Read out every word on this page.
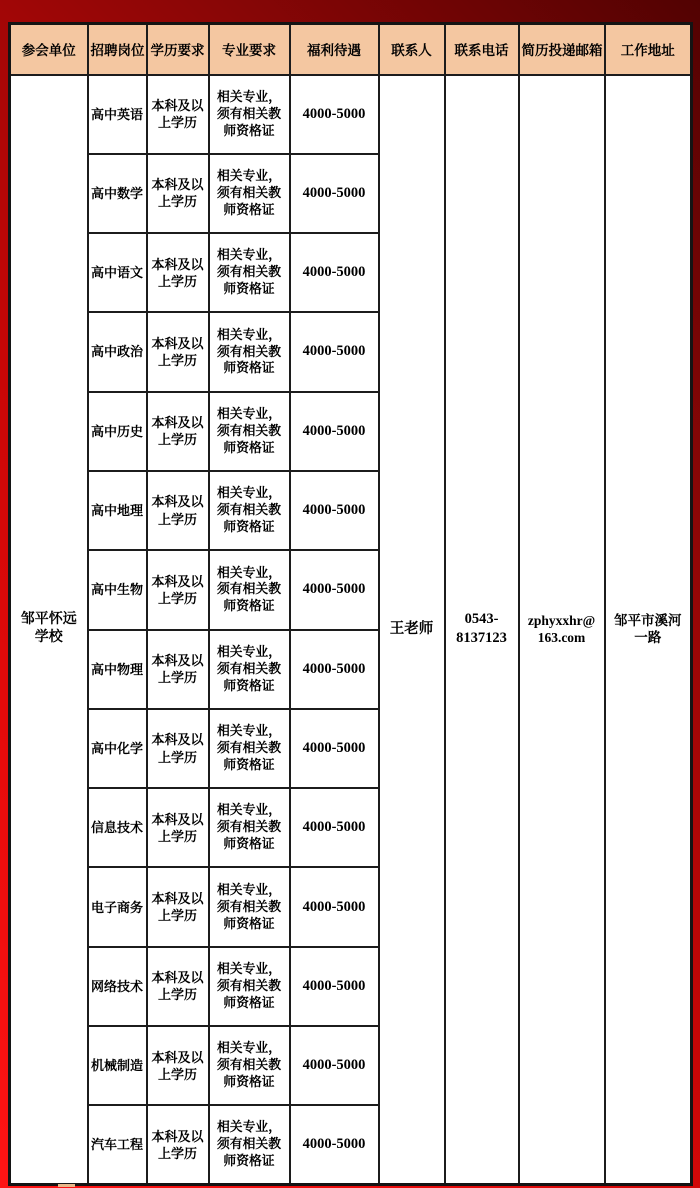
参会单位	招聘岗位	学历要求	专业要求	福利待遇	联系人	联系电话	简历投递邮箱	工作地址
邹平怀远学校	高中英语	本科及以上学历	相关专业，须有相关教师资格证	4000-5000	王老师	0543-8137123	zphyxxhr@​163.com	邹平市溪河一路
	高中数学	本科及以上学历	相关专业，须有相关教师资格证	4000-5000				
	高中语文	本科及以上学历	相关专业，须有相关教师资格证	4000-5000				
	高中政治	本科及以上学历	相关专业，须有相关教师资格证	4000-5000				
	高中历史	本科及以上学历	相关专业，须有相关教师资格证	4000-5000				
	高中地理	本科及以上学历	相关专业，须有相关教师资格证	4000-5000				
	高中生物	本科及以上学历	相关专业，须有相关教师资格证	4000-5000				
	高中物理	本科及以上学历	相关专业，须有相关教师资格证	4000-5000				
	高中化学	本科及以上学历	相关专业，须有相关教师资格证	4000-5000				
	信息技术	本科及以上学历	相关专业，须有相关教师资格证	4000-5000				
	电子商务	本科及以上学历	相关专业，须有相关教师资格证	4000-5000				
	网络技术	本科及以上学历	相关专业，须有相关教师资格证	4000-5000				
	机械制造	本科及以上学历	相关专业，须有相关教师资格证	4000-5000				
	汽车工程	本科及以上学历	相关专业，须有相关教师资格证	4000-5000				
